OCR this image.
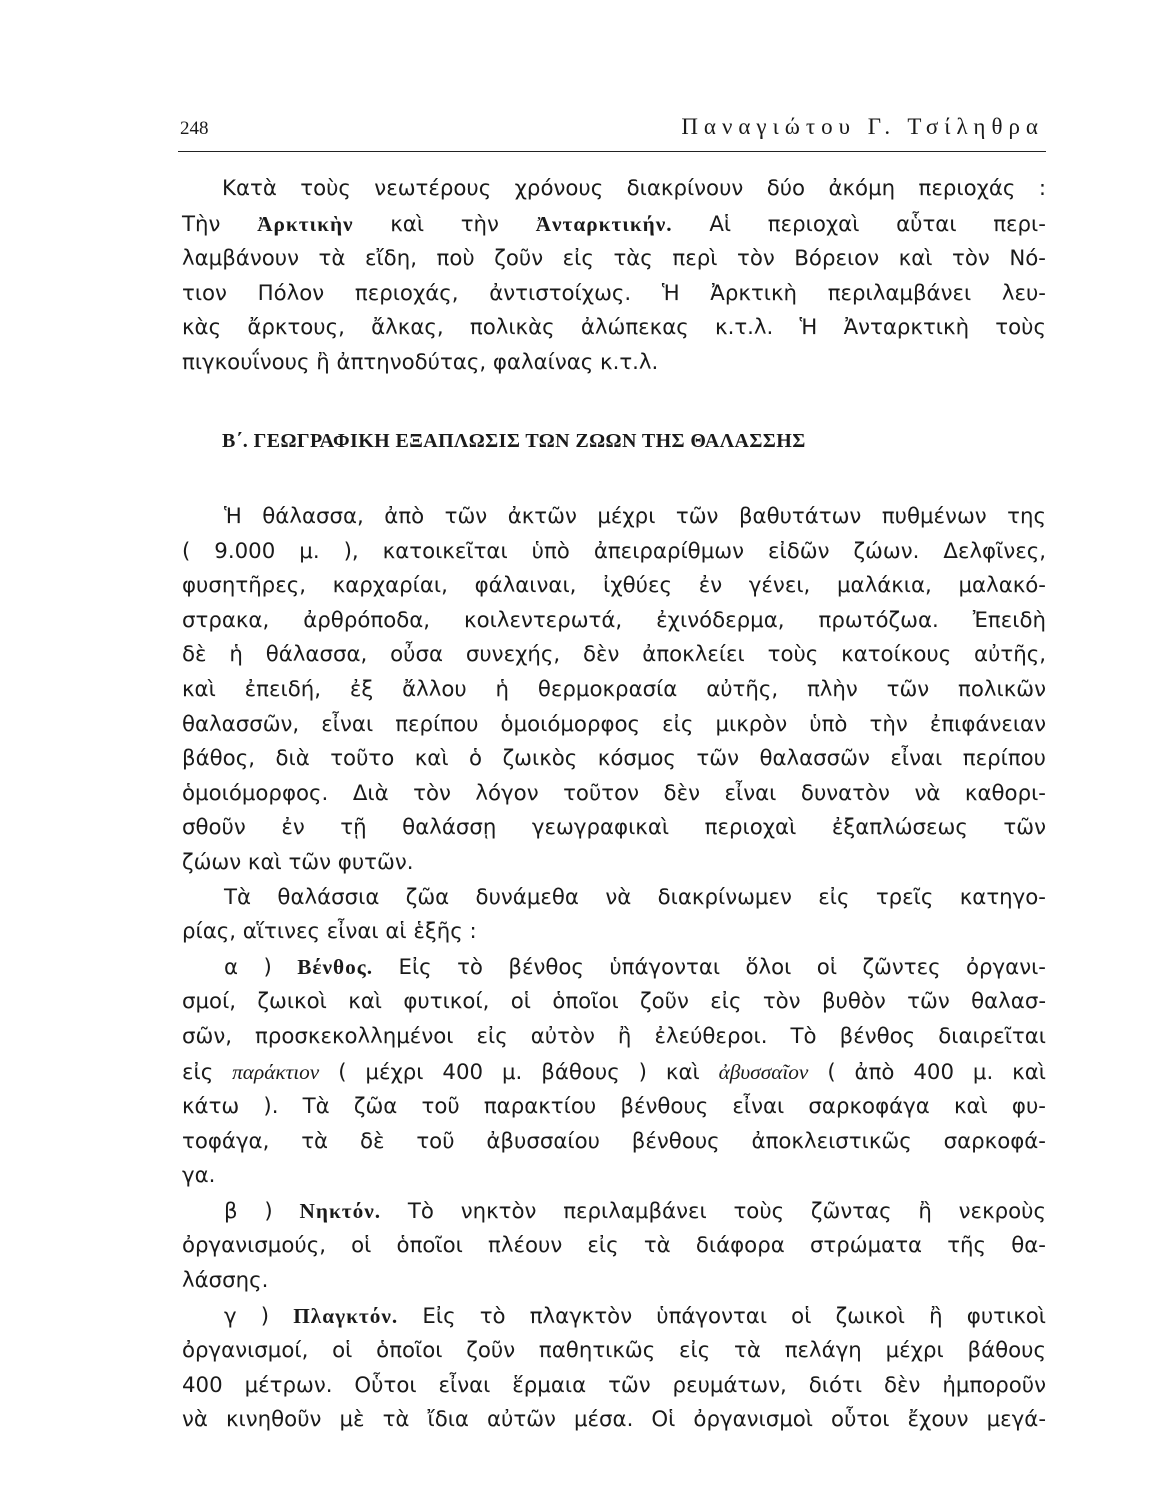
248	Παναγιώτου Γ. Τσίληθρα
Κατὰ τοὺς νεωτέρους χρόνους διακρίνουν δύο ἀκόμη περιοχάς :
Τὴν Ἀρκτικὴν καὶ τὴν Ἀνταρκτικήν. Αἱ περιοχαὶ αὗται περι-
λαμβάνουν τὰ εἴδη, ποὺ ζοῦν εἰς τὰς περὶ τὸν Βόρειον καὶ τὸν Νό-
τιον Πόλον περιοχάς, ἀντιστοίχως. Ἡ Ἀρκτικὴ περιλαμβάνει λευ-
κὰς ἄρκτους, ἄλκας, πολικὰς ἀλώπεκας κ.τ.λ. Ἡ Ἀνταρκτικὴ τοὺς
πιγκουΐνους ἢ ἀπτηνοδύτας, φαλαίνας κ.τ.λ.
Β΄. ΓΕΩΓΡΑΦΙΚΗ ΕΞΑΠΛΩΣΙΣ ΤΩΝ ΖΩΩΝ ΤΗΣ ΘΑΛΑΣΣΗΣ
Ἡ θάλασσα, ἀπὸ τῶν ἀκτῶν μέχρι τῶν βαθυτάτων πυθμένων της
( 9.000 μ. ), κατοικεῖται ὑπὸ ἀπειραρίθμων εἰδῶν ζώων. Δελφῖνες,
φυσητῆρες, καρχαρίαι, φάλαιναι, ἰχθύες ἐν γένει, μαλάκια, μαλακό-
στρακα, ἀρθρόποδα, κοιλεντερωτά, ἐχινόδερμα, πρωτόζωα. Ἐπειδὴ
δὲ ἡ θάλασσα, οὖσα συνεχής, δὲν ἀποκλείει τοὺς κατοίκους αὐτῆς,
καὶ ἐπειδή, ἐξ ἄλλου ἡ θερμοκρασία αὐτῆς, πλὴν τῶν πολικῶν
θαλασσῶν, εἶναι περίπου ὁμοιόμορφος εἰς μικρὸν ὑπὸ τὴν ἐπιφάνειαν
βάθος, διὰ τοῦτο καὶ ὁ ζωικὸς κόσμος τῶν θαλασσῶν εἶναι περίπου
ὁμοιόμορφος. Διὰ τὸν λόγον τοῦτον δὲν εἶναι δυνατὸν νὰ καθορι-
σθοῦν ἐν τῇ θαλάσσῃ γεωγραφικαὶ περιοχαὶ ἐξαπλώσεως τῶν
ζώων καὶ τῶν φυτῶν.
Τὰ θαλάσσια ζῶα δυνάμεθα νὰ διακρίνωμεν εἰς τρεῖς κατηγο-
ρίας, αἵτινες εἶναι αἱ ἑξῆς :
α ) Βένθος. Εἰς τὸ βένθος ὑπάγονται ὅλοι οἱ ζῶντες ὀργανι-
σμοί, ζωικοὶ καὶ φυτικοί, οἱ ὁποῖοι ζοῦν εἰς τὸν βυθὸν τῶν θαλασ-
σῶν, προσκεκολλημένοι εἰς αὐτὸν ἢ ἐλεύθεροι. Τὸ βένθος διαιρεῖται
εἰς παράκτιον ( μέχρι 400 μ. βάθους ) καὶ ἀβυσσαῖον ( ἀπὸ 400 μ. καὶ
κάτω ). Τὰ ζῶα τοῦ παρακτίου βένθους εἶναι σαρκοφάγα καὶ φυ-
τοφάγα, τὰ δὲ τοῦ ἀβυσσαίου βένθους ἀποκλειστικῶς σαρκοφά-
γα.
β ) Νηκτόν. Τὸ νηκτὸν περιλαμβάνει τοὺς ζῶντας ἢ νεκροὺς
ὀργανισμούς, οἱ ὁποῖοι πλέουν εἰς τὰ διάφορα στρώματα τῆς θα-
λάσσης.
γ ) Πλαγκτόν. Εἰς τὸ πλαγκτὸν ὑπάγονται οἱ ζωικοὶ ἢ φυτικοὶ
ὀργανισμοί, οἱ ὁποῖοι ζοῦν παθητικῶς εἰς τὰ πελάγη μέχρι βάθους
400 μέτρων. Οὗτοι εἶναι ἕρμαια τῶν ρευμάτων, διότι δὲν ἠμποροῦν
νὰ κινηθοῦν μὲ τὰ ἴδια αὐτῶν μέσα. Οἱ ὀργανισμοὶ οὗτοι ἔχουν μεγά-
